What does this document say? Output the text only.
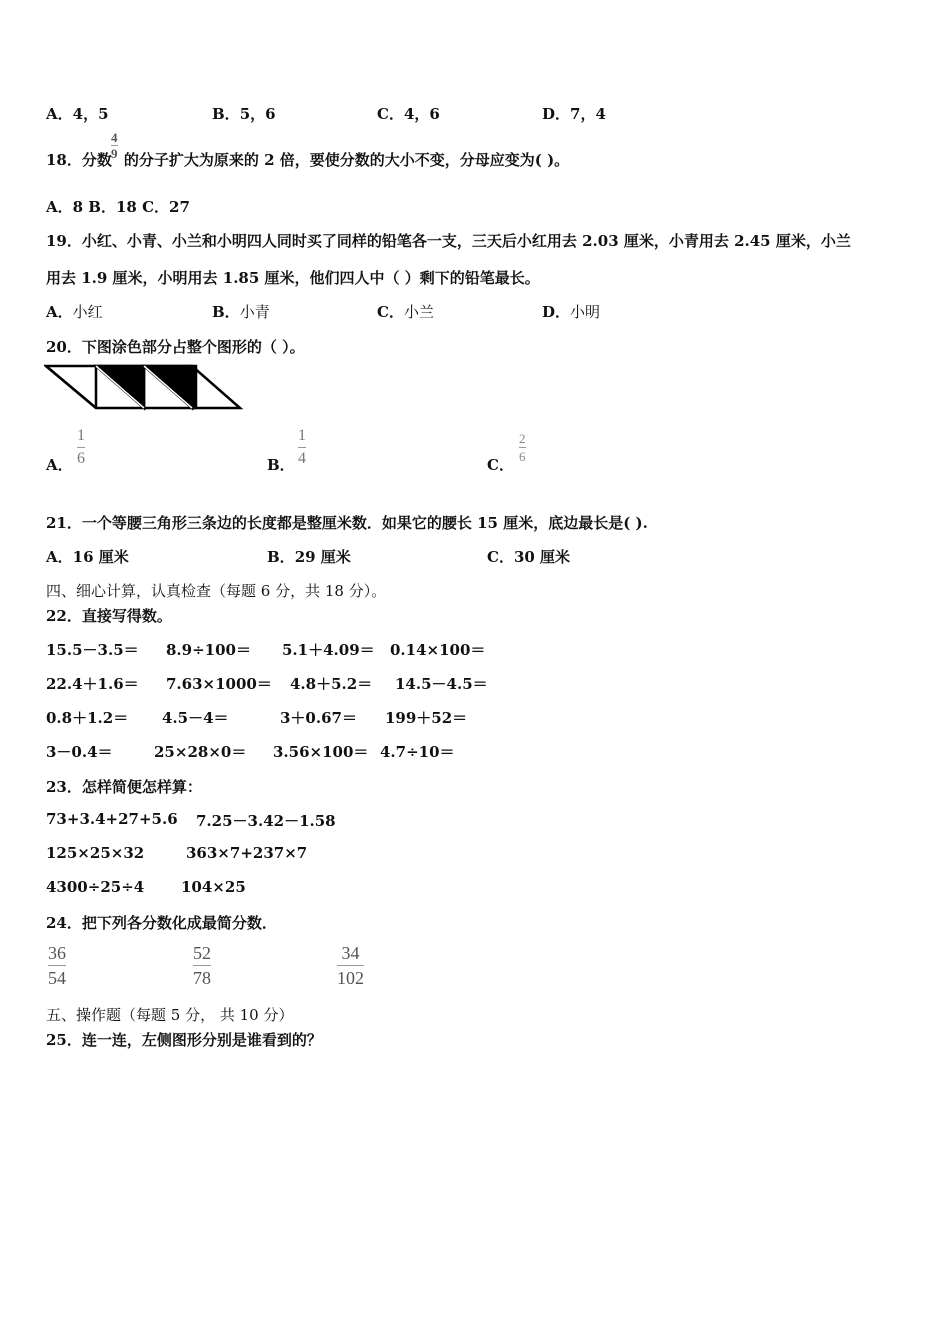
A．4，5	B．5，6	C．4，6	D．7，4
18．分数 的分子扩大为原来的 2 倍，要使分数的大小不变，分母应变为( )。
4
9
A．8 B．18 C．27
19．小红、小青、小兰和小明四人同时买了同样的铅笔各一支，三天后小红用去 2.03 厘米，小青用去 2.45 厘米，小兰
用去 1.9 厘米，小明用去 1.85 厘米，他们四人中（ ）剩下的铅笔最长。
A．小红	B．小青	C．小兰	D．小明
20．下图涂色部分占整个图形的（ ）。
A．
1
6	B．
1
4	C．
2
6
21．一个等腰三角形三条边的长度都是整厘米数．如果它的腰长 15 厘米，底边最长是( ).
A．16 厘米	B．29 厘米	C．30 厘米
四、细心计算，认真检查（每题 6 分，共 18 分）。
22．直接写得数。
15.5－3.5＝ 8.9÷100＝ 5.1＋4.09＝ 0.14×100＝
22.4＋1.6＝ 7.63×1000＝ 4.8＋5.2＝ 14.5－4.5＝
0.8＋1.2＝ 4.5－4＝	3＋0.67＝ 199＋52＝
3－0.4＝	25×28×0＝ 3.56×100＝ 4.7÷10＝
23．怎样简便怎样算：
73+3.4+27+5.6 7.25－3.42－1.58
125×25×32	363×7+237×7
4300÷25÷4 104×25
24．把下列各分数化成最简分数．
36
54
52
78
34
102
五、操作题（每题 5 分， 共 10 分）
25．连一连，左侧图形分别是谁看到的？
